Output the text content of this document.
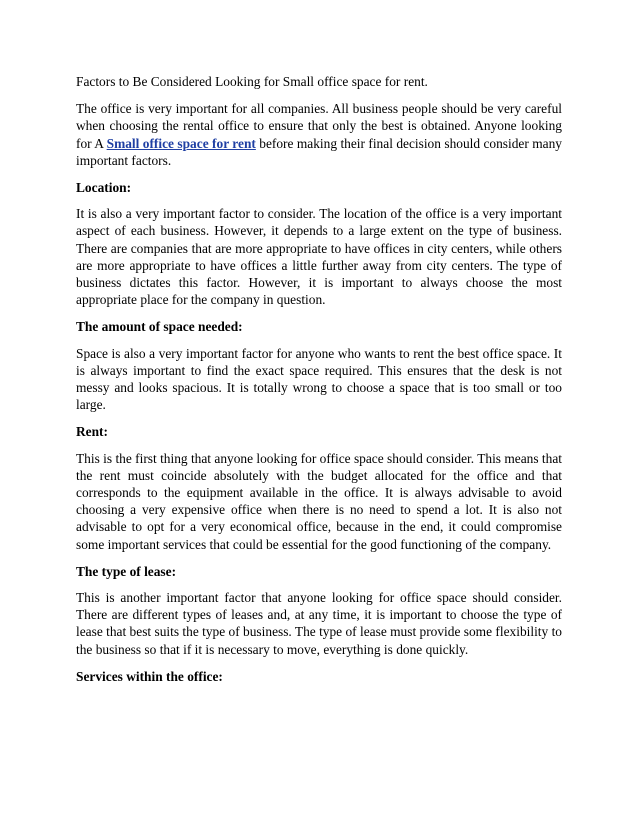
Factors to Be Considered Looking for Small office space for rent.

The office is very important for all companies. All business people should be very careful when choosing the rental office to ensure that only the best is obtained. Anyone looking for A Small office space for rent before making their final decision should consider many important factors.

Location:

It is also a very important factor to consider. The location of the office is a very important aspect of each business. However, it depends to a large extent on the type of business. There are companies that are more appropriate to have offices in city centers, while others are more appropriate to have offices a little further away from city centers. The type of business dictates this factor. However, it is important to always choose the most appropriate place for the company in question.

The amount of space needed:

Space is also a very important factor for anyone who wants to rent the best office space. It is always important to find the exact space required. This ensures that the desk is not messy and looks spacious. It is totally wrong to choose a space that is too small or too large.

Rent:

This is the first thing that anyone looking for office space should consider. This means that the rent must coincide absolutely with the budget allocated for the office and that corresponds to the equipment available in the office. It is always advisable to avoid choosing a very expensive office when there is no need to spend a lot. It is also not advisable to opt for a very economical office, because in the end, it could compromise some important services that could be essential for the good functioning of the company.

The type of lease:

This is another important factor that anyone looking for office space should consider. There are different types of leases and, at any time, it is important to choose the type of lease that best suits the type of business. The type of lease must provide some flexibility to the business so that if it is necessary to move, everything is done quickly.

Services within the office:
